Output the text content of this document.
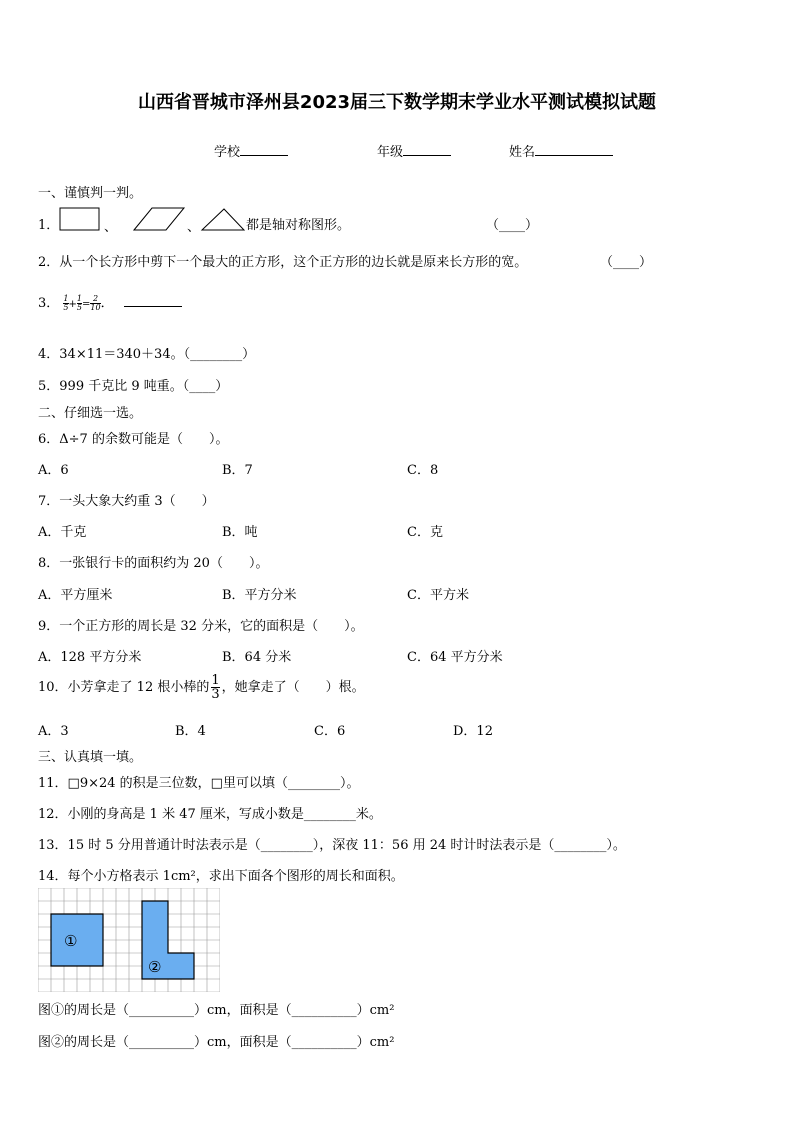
山西省晋城市泽州县2023届三下数学期末学业水平测试模拟试题
学校	年级	姓名
一、谨慎判一判。
1．	、	、	都是轴对称图形。	（____）
2．从一个长方形中剪下一个最大的正方形，这个正方形的边长就是原来长方形的宽。	（____）
3． $\frac{1}{5} + \frac{1}{5} = \frac{2}{10}$ ．
4．34×11＝340＋34。（________）
5．999 千克比 9 吨重。（____）
二、仔细选一选。
6．Δ÷7 的余数可能是（　　）。
A．6	B．7	C．8
7．一头大象大约重 3（　　）
A．千克	B．吨	C．克
8．一张银行卡的面积约为 20（　　）。
A．平方厘米	B．平方分米	C．平方米
9．一个正方形的周长是 32 分米，它的面积是（　　）。
A．128 平方分米	B．64 分米	C．64 平方分米
10．小芳拿走了 12 根小棒的 $\frac{1}{3}$ ，她拿走了（　　）根。
A．3	B．4	C．6	D．12
三、认真填一填。
11．□9×24 的积是三位数，□里可以填（________）。
12．小刚的身高是 1 米 47 厘米，写成小数是________米。
13．15 时 5 分用普通计时法表示是（________），深夜 11：56 用 24 时计时法表示是（________）。
14．每个小方格表示 1cm²，求出下面各个图形的周长和面积。
①
②
图①的周长是（__________）cm，面积是（__________）cm²
图②的周长是（__________）cm，面积是（__________）cm²
